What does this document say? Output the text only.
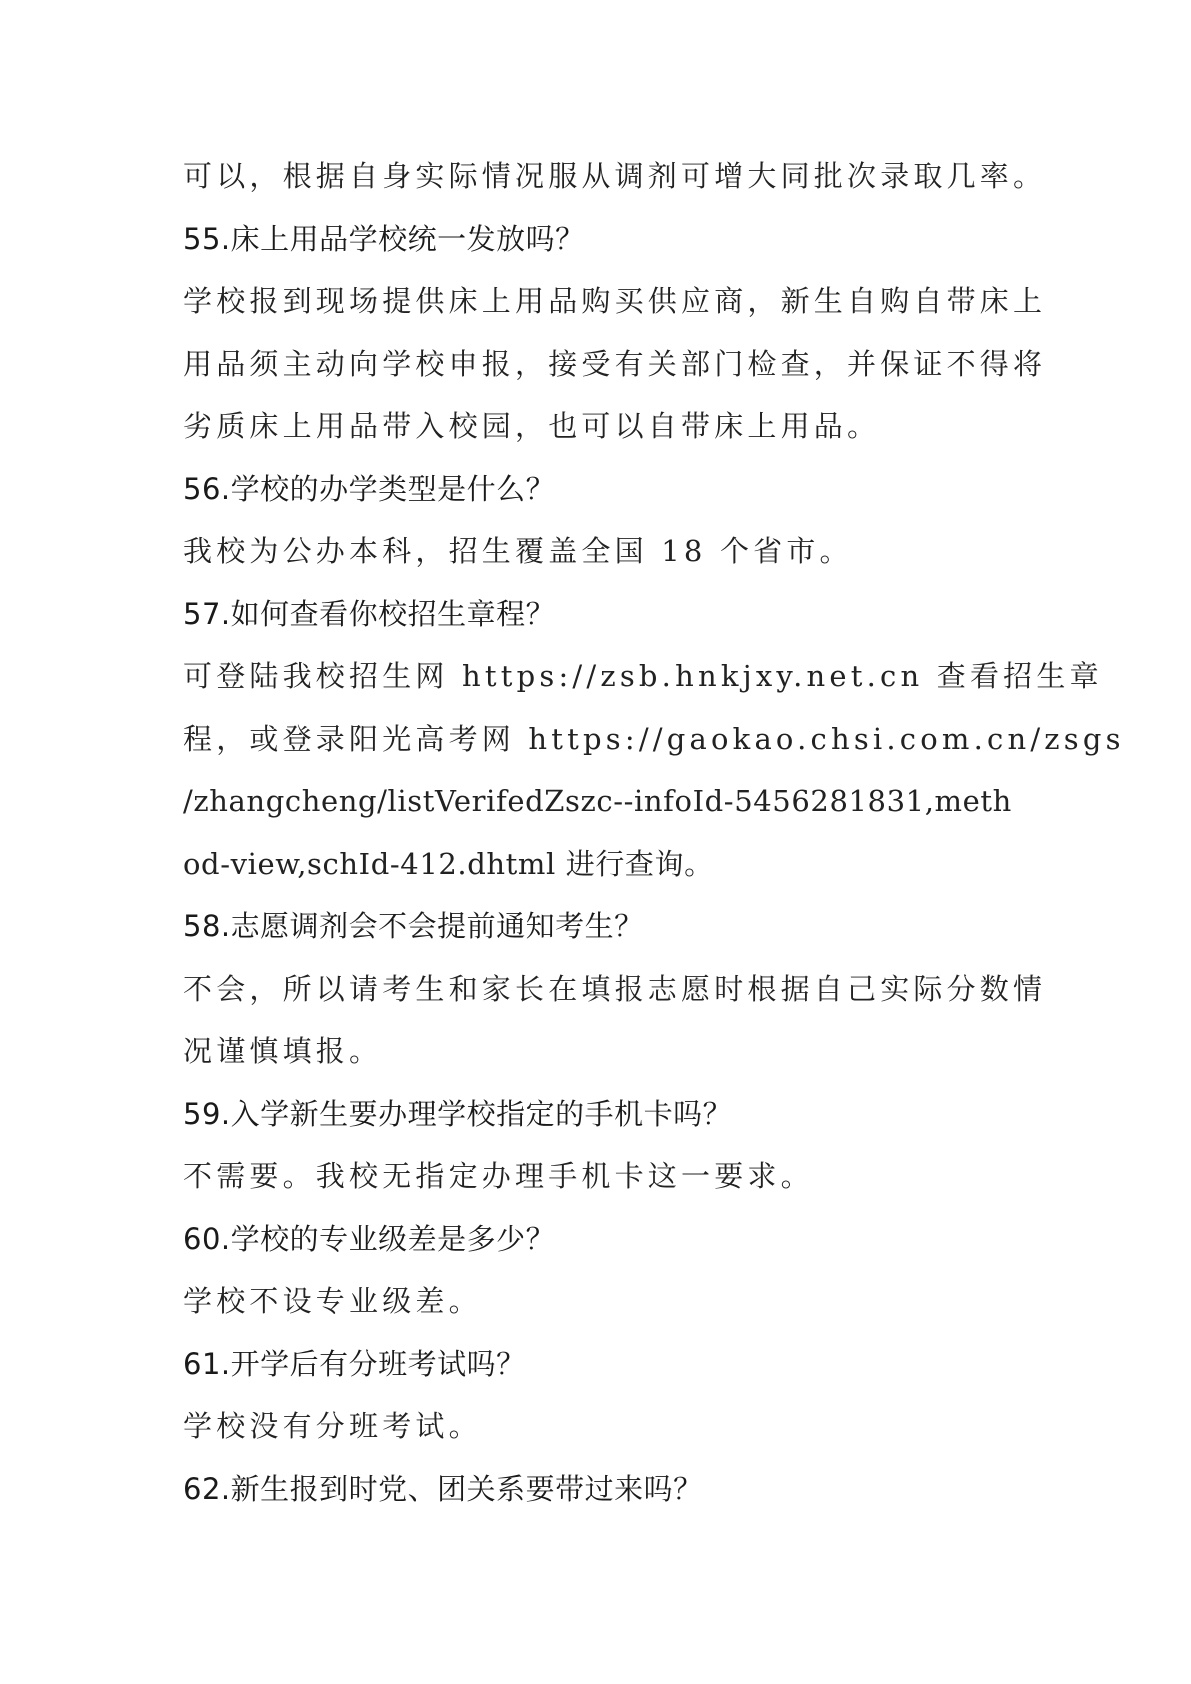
可以，根据自身实际情况服从调剂可增大同批次录取几率。
55.床上用品学校统一发放吗？
学校报到现场提供床上用品购买供应商，新生自购自带床上
用品须主动向学校申报，接受有关部门检查，并保证不得将
劣质床上用品带入校园，也可以自带床上用品。
56.学校的办学类型是什么？
我校为公办本科，招生覆盖全国 18 个省市。
57.如何查看你校招生章程？
可登陆我校招生网 https://zsb.hnkjxy.net.cn 查看招生章
程，或登录阳光高考网 https://gaokao.chsi.com.cn/zsgs
/zhangcheng/listVerifedZszc--infoId-5456281831,meth
od-view,schId-412.dhtml 进行查询。
58.志愿调剂会不会提前通知考生？
不会，所以请考生和家长在填报志愿时根据自己实际分数情
况谨慎填报。
59.入学新生要办理学校指定的手机卡吗？
不需要。我校无指定办理手机卡这一要求。
60.学校的专业级差是多少？
学校不设专业级差。
61.开学后有分班考试吗？
学校没有分班考试。
62.新生报到时党、团关系要带过来吗？
